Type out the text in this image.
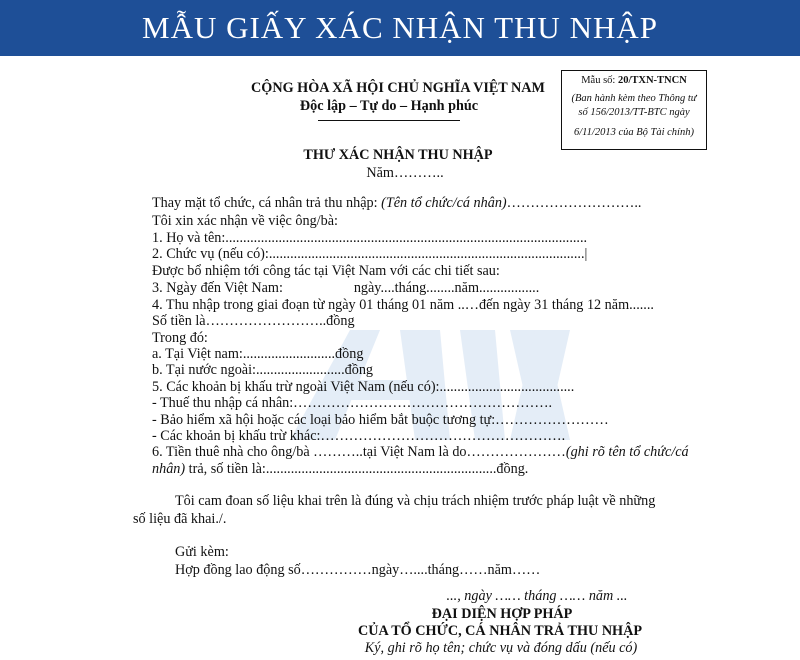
MẪU GIẤY XÁC NHẬN THU NHẬP
CỘNG HÒA XÃ HỘI CHỦ NGHĨA VIỆT NAM
Độc lập – Tự do – Hạnh phúc
Mẫu số: 20/TXN-TNCN
(Ban hành kèm theo Thông tư
số 156/2013/TT-BTC ngày
6/11/2013 của Bộ Tài chính)
THƯ XÁC NHẬN THU NHẬP
Năm………..
Thay mặt tổ chức, cá nhân trả thu nhập: (Tên tổ chức/cá nhân)………………………..
Tôi xin xác nhận về việc ông/bà:
1. Họ và tên:......................................................................................................
2. Chức vụ (nếu có):.........................................................................................|
Được bổ nhiệm tới công tác tại Việt Nam với các chi tiết sau:
3. Ngày đến Việt Nam:                    ngày....tháng........năm.................
4. Thu nhập trong giai đoạn từ ngày 01 tháng 01 năm ..…đến ngày 31 tháng 12 năm.......
Số tiền là……………………..đồng
Trong đó:
a. Tại Việt nam:..........................đồng
b. Tại nước ngoài:.........................đồng
5. Các khoản bị khấu trừ ngoài Việt Nam (nếu có):......................................
- Thuế thu nhập cá nhân:……………………………………………….
- Bảo hiểm xã hội hoặc các loại bảo hiểm bắt buộc tương tự:……………………
- Các khoản bị khấu trừ khác:…………………………………………….
6. Tiền thuê nhà cho ông/bà ………..tại Việt Nam là do…………………(ghi rõ tên tổ chức/cá
nhân) trả, số tiền là:.................................................................đồng.
Tôi cam đoan số liệu khai trên là đúng và chịu trách nhiệm trước pháp luật về những
số liệu đã khai./.
Gửi kèm:
Hợp đồng lao động số……………ngày…....tháng……năm……
..., ngày …… tháng …… năm ...
ĐẠI DIỆN HỢP PHÁP
CỦA TỔ CHỨC, CÁ NHÂN TRẢ THU NHẬP
Ký, ghi rõ họ tên; chức vụ và đóng dấu (nếu có)
